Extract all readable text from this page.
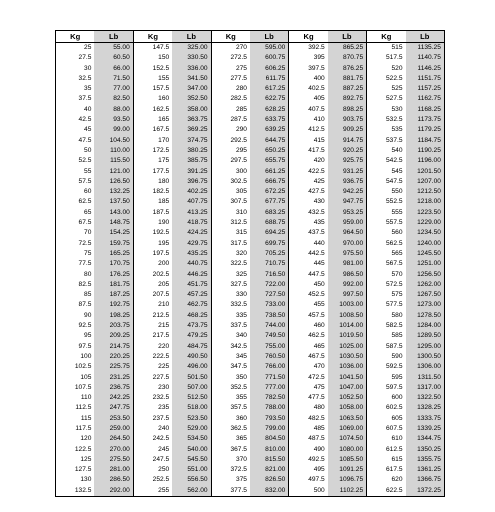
Kg	Lb	Kg	Lb	Kg	Lb	Kg	Lb	Kg	Lb
25	55.00	147.5	325.00	270	595.00	392.5	865.25	515	1135.25
27.5	60.50	150	330.50	272.5	600.75	395	870.75	517.5	1140.75
30	66.00	152.5	336.00	275	606.25	397.5	876.25	520	1146.25
32.5	71.50	155	341.50	277.5	611.75	400	881.75	522.5	1151.75
35	77.00	157.5	347.00	280	617.25	402.5	887.25	525	1157.25
37.5	82.50	160	352.50	282.5	622.75	405	892.75	527.5	1162.75
40	88.00	162.5	358.00	285	628.25	407.5	898.25	530	1168.25
42.5	93.50	165	363.75	287.5	633.75	410	903.75	532.5	1173.75
45	99.00	167.5	369.25	290	639.25	412.5	909.25	535	1179.25
47.5	104.50	170	374.75	292.5	644.75	415	914.75	537.5	1184.75
50	110.00	172.5	380.25	295	650.25	417.5	920.25	540	1190.25
52.5	115.50	175	385.75	297.5	655.75	420	925.75	542.5	1196.00
55	121.00	177.5	391.25	300	661.25	422.5	931.25	545	1201.50
57.5	126.50	180	396.75	302.5	666.75	425	936.75	547.5	1207.00
60	132.25	182.5	402.25	305	672.25	427.5	942.25	550	1212.50
62.5	137.50	185	407.75	307.5	677.75	430	947.75	552.5	1218.00
65	143.00	187.5	413.25	310	683.25	432.5	953.25	555	1223.50
67.5	148.75	190	418.75	312.5	688.75	435	959.00	557.5	1229.00
70	154.25	192.5	424.25	315	694.25	437.5	964.50	560	1234.50
72.5	159.75	195	429.75	317.5	699.75	440	970.00	562.5	1240.00
75	165.25	197.5	435.25	320	705.25	442.5	975.50	565	1245.50
77.5	170.75	200	440.75	322.5	710.75	445	981.00	567.5	1251.00
80	176.25	202.5	446.25	325	716.50	447.5	986.50	570	1256.50
82.5	181.75	205	451.75	327.5	722.00	450	992.00	572.5	1262.00
85	187.25	207.5	457.25	330	727.50	452.5	997.50	575	1267.50
87.5	192.75	210	462.75	332.5	733.00	455	1003.00	577.5	1273.00
90	198.25	212.5	468.25	335	738.50	457.5	1008.50	580	1278.50
92.5	203.75	215	473.75	337.5	744.00	460	1014.00	582.5	1284.00
95	209.25	217.5	479.25	340	749.50	462.5	1019.50	585	1289.50
97.5	214.75	220	484.75	342.5	755.00	465	1025.00	587.5	1295.00
100	220.25	222.5	490.50	345	760.50	467.5	1030.50	590	1300.50
102.5	225.75	225	496.00	347.5	766.00	470	1036.00	592.5	1306.00
105	231.25	227.5	501.50	350	771.50	472.5	1041.50	595	1311.50
107.5	236.75	230	507.00	352.5	777.00	475	1047.00	597.5	1317.00
110	242.25	232.5	512.50	355	782.50	477.5	1052.50	600	1322.50
112.5	247.75	235	518.00	357.5	788.00	480	1058.00	602.5	1328.25
115	253.50	237.5	523.50	360	793.50	482.5	1063.50	605	1333.75
117.5	259.00	240	529.00	362.5	799.00	485	1069.00	607.5	1339.25
120	264.50	242.5	534.50	365	804.50	487.5	1074.50	610	1344.75
122.5	270.00	245	540.00	367.5	810.00	490	1080.00	612.5	1350.25
125	275.50	247.5	545.50	370	815.50	492.5	1085.50	615	1355.75
127.5	281.00	250	551.00	372.5	821.00	495	1091.25	617.5	1361.25
130	286.50	252.5	556.50	375	826.50	497.5	1096.75	620	1366.75
132.5	292.00	255	562.00	377.5	832.00	500	1102.25	622.5	1372.25
